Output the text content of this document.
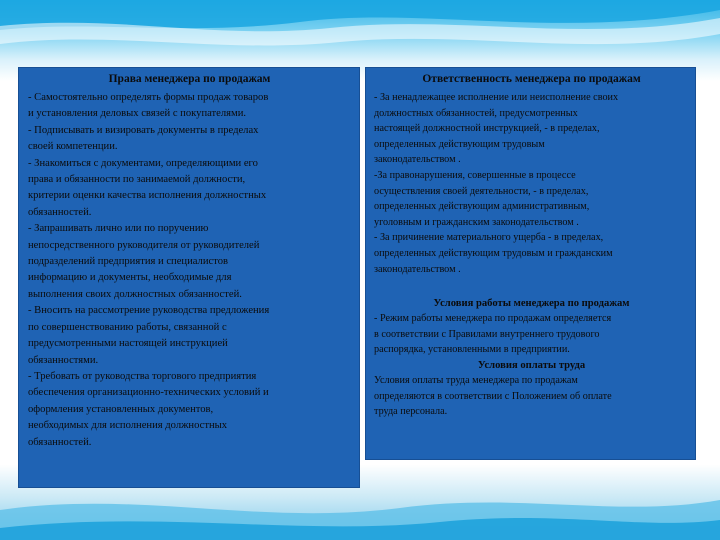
Права менеджера по продажам

- Самостоятельно определять формы продаж товаров

и установления деловых связей с покупателями.

- Подписывать и визировать документы в пределах

своей компетенции.

- Знакомиться с документами, определяющими его

права и обязанности по занимаемой должности,

критерии оценки качества исполнения должностных

обязанностей.

- Запрашивать лично или по поручению

непосредственного руководителя от руководителей

подразделений предприятия и специалистов

информацию и документы, необходимые для

выполнения своих должностных обязанностей.

- Вносить на рассмотрение руководства предложения

по совершенствованию работы, связанной с

предусмотренными настоящей инструкцией

обязанностями.

- Требовать от руководства торгового предприятия

обеспечения организационно-технических условий и

оформления установленных документов,

необходимых для исполнения должностных

обязанностей.

Ответственность менеджера по продажам

- За ненадлежащее исполнение или неисполнение своих

должностных обязанностей, предусмотренных

настоящей должностной инструкцией, - в пределах,

определенных действующим трудовым

законодательством .

-За правонарушения, совершенные в процессе

осуществления своей деятельности, - в пределах,

определенных действующим административным,

уголовным и гражданским законодательством .

- За причинение материального ущерба - в пределах,

определенных действующим трудовым и гражданским

законодательством .

Условия работы менеджера по продажам

- Режим работы менеджера по продажам определяется

в соответствии с Правилами внутреннего трудового

распорядка, установленными в предприятии.

Условия оплаты труда

Условия оплаты труда менеджера по продажам

определяются в соответствии с Положением об оплате

труда персонала.
